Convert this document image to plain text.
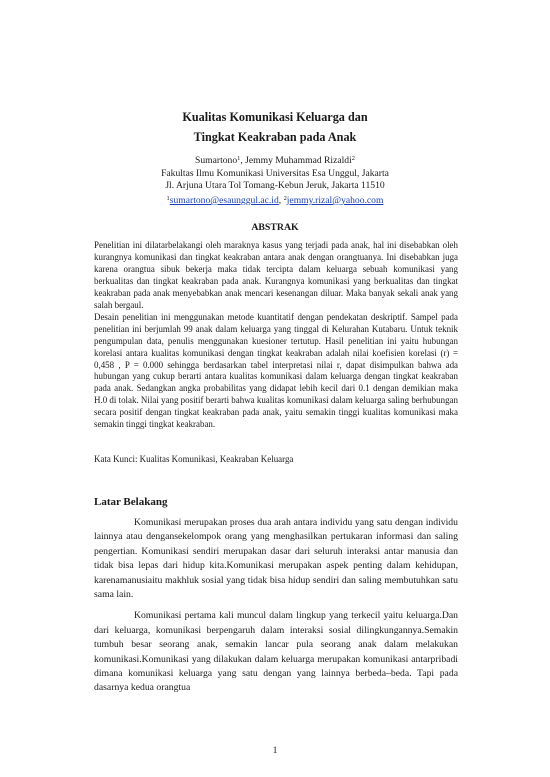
Kualitas Komunikasi Keluarga dan
Tingkat Keakraban pada Anak
Sumartono$^1$, Jemmy Muhammad Rizaldi$^2$
Fakultas Ilmu Komunikasi Universitas Esa Unggul, Jakarta
Jl. Arjuna Utara Tol Tomang-Kebun Jeruk, Jakarta 11510
$^1$sumartono@esaunggul.ac.id, $^2$jemmy.rizal@yahoo.com
ABSTRAK

Penelitian ini dilatarbelakangi oleh maraknya kasus yang terjadi pada anak, hal ini disebabkan oleh kurangnya komunikasi dan tingkat keakraban antara anak dengan orangtuanya. Ini disebabkan juga karena orangtua sibuk bekerja maka tidak tercipta dalam keluarga sebuah komunikasi yang berkualitas dan tingkat keakraban pada anak. Kurangnya komunikasi yang berkualitas dan tingkat keakraban pada anak menyebabkan anak mencari kesenangan diluar. Maka banyak sekali anak yang salah bergaul.

Desain penelitian ini menggunakan metode kuantitatif dengan pendekatan deskriptif. Sampel pada penelitian ini berjumlah 99 anak dalam keluarga yang tinggal di Kelurahan Kutabaru. Untuk teknik pengumpulan data, penulis menggunakan kuesioner tertutup. Hasil penelitian ini yaitu hubungan korelasi antara kualitas komunikasi dengan tingkat keakraban adalah nilai koefisien korelasi (r) = 0,458 , P = 0.000 sehingga berdasarkan tabel interpretasi nilai r, dapat disimpulkan bahwa ada hubungan yang cukup berarti antara kualitas komunikasi dalam keluarga dengan tingkat keakraban pada anak. Sedangkan angka probabilitas yang didapat lebih kecil dari 0.1 dengan demikian maka H.0 di tolak. Nilai yang positif berarti bahwa kualitas komunikasi dalam keluarga saling berhubungan secara positif dengan tingkat keakraban pada anak, yaitu semakin tinggi kualitas komunikasi maka semakin tinggi tingkat keakraban.

Kata Kunci: Kualitas Komunikasi, Keakraban Keluarga
Latar Belakang

Komunikasi merupakan proses dua arah antara individu yang satu dengan individu lainnya atau dengansekelompok orang yang menghasilkan pertukaran informasi dan saling pengertian. Komunikasi sendiri merupakan dasar dari seluruh interaksi antar manusia dan tidak bisa lepas dari hidup kita.Komunikasi merupakan aspek penting dalam kehidupan, karenamanusiaitu makhluk sosial yang tidak bisa hidup sendiri dan saling membutuhkan satu sama lain.

Komunikasi pertama kali muncul dalam lingkup yang terkecil yaitu keluarga.Dan dari keluarga, komunikasi berpengaruh dalam interaksi sosial dilingkungannya.Semakin tumbuh besar seorang anak, semakin lancar pula seorang anak dalam melakukan komunikasi.Komunikasi yang dilakukan dalam keluarga merupakan komunikasi antarpribadi dimana komunikasi keluarga yang satu dengan yang lainnya berbeda–beda. Tapi pada dasarnya kedua orangtua

1
